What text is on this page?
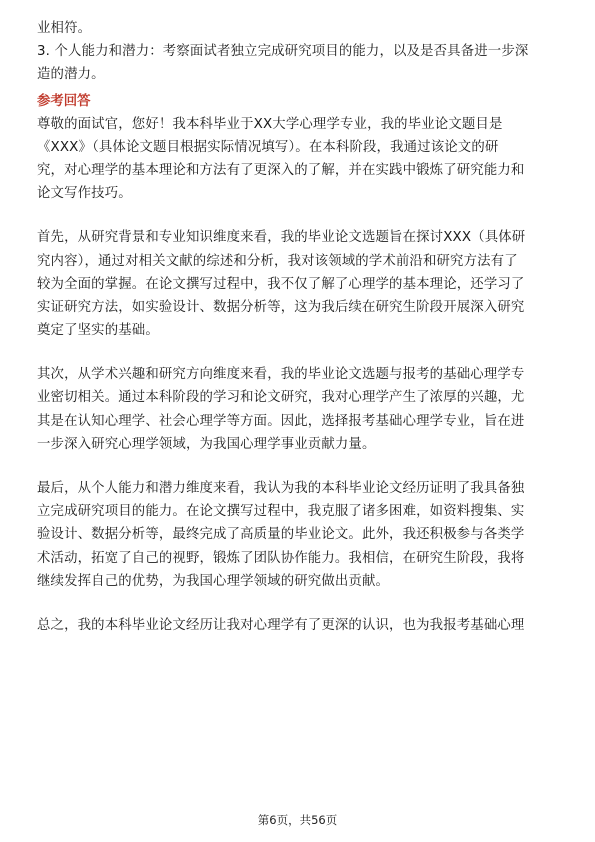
业相符。
3. 个人能力和潜力：考察面试者独立完成研究项目的能力，以及是否具备进一步深
造的潜力。
参考回答
尊敬的面试官，您好！我本科毕业于XX大学心理学专业，我的毕业论文题目是
《XXX》（具体论文题目根据实际情况填写）。在本科阶段，我通过该论文的研
究，对心理学的基本理论和方法有了更深入的了解，并在实践中锻炼了研究能力和
论文写作技巧。
首先，从研究背景和专业知识维度来看，我的毕业论文选题旨在探讨XXX（具体研
究内容），通过对相关文献的综述和分析，我对该领域的学术前沿和研究方法有了
较为全面的掌握。在论文撰写过程中，我不仅了解了心理学的基本理论，还学习了
实证研究方法，如实验设计、数据分析等，这为我后续在研究生阶段开展深入研究
奠定了坚实的基础。
其次，从学术兴趣和研究方向维度来看，我的毕业论文选题与报考的基础心理学专
业密切相关。通过本科阶段的学习和论文研究，我对心理学产生了浓厚的兴趣，尤
其是在认知心理学、社会心理学等方面。因此，选择报考基础心理学专业，旨在进
一步深入研究心理学领域，为我国心理学事业贡献力量。
最后，从个人能力和潜力维度来看，我认为我的本科毕业论文经历证明了我具备独
立完成研究项目的能力。在论文撰写过程中，我克服了诸多困难，如资料搜集、实
验设计、数据分析等，最终完成了高质量的毕业论文。此外，我还积极参与各类学
术活动，拓宽了自己的视野，锻炼了团队协作能力。我相信，在研究生阶段，我将
继续发挥自己的优势，为我国心理学领域的研究做出贡献。
总之，我的本科毕业论文经历让我对心理学有了更深的认识，也为我报考基础心理
第6页，共56页
